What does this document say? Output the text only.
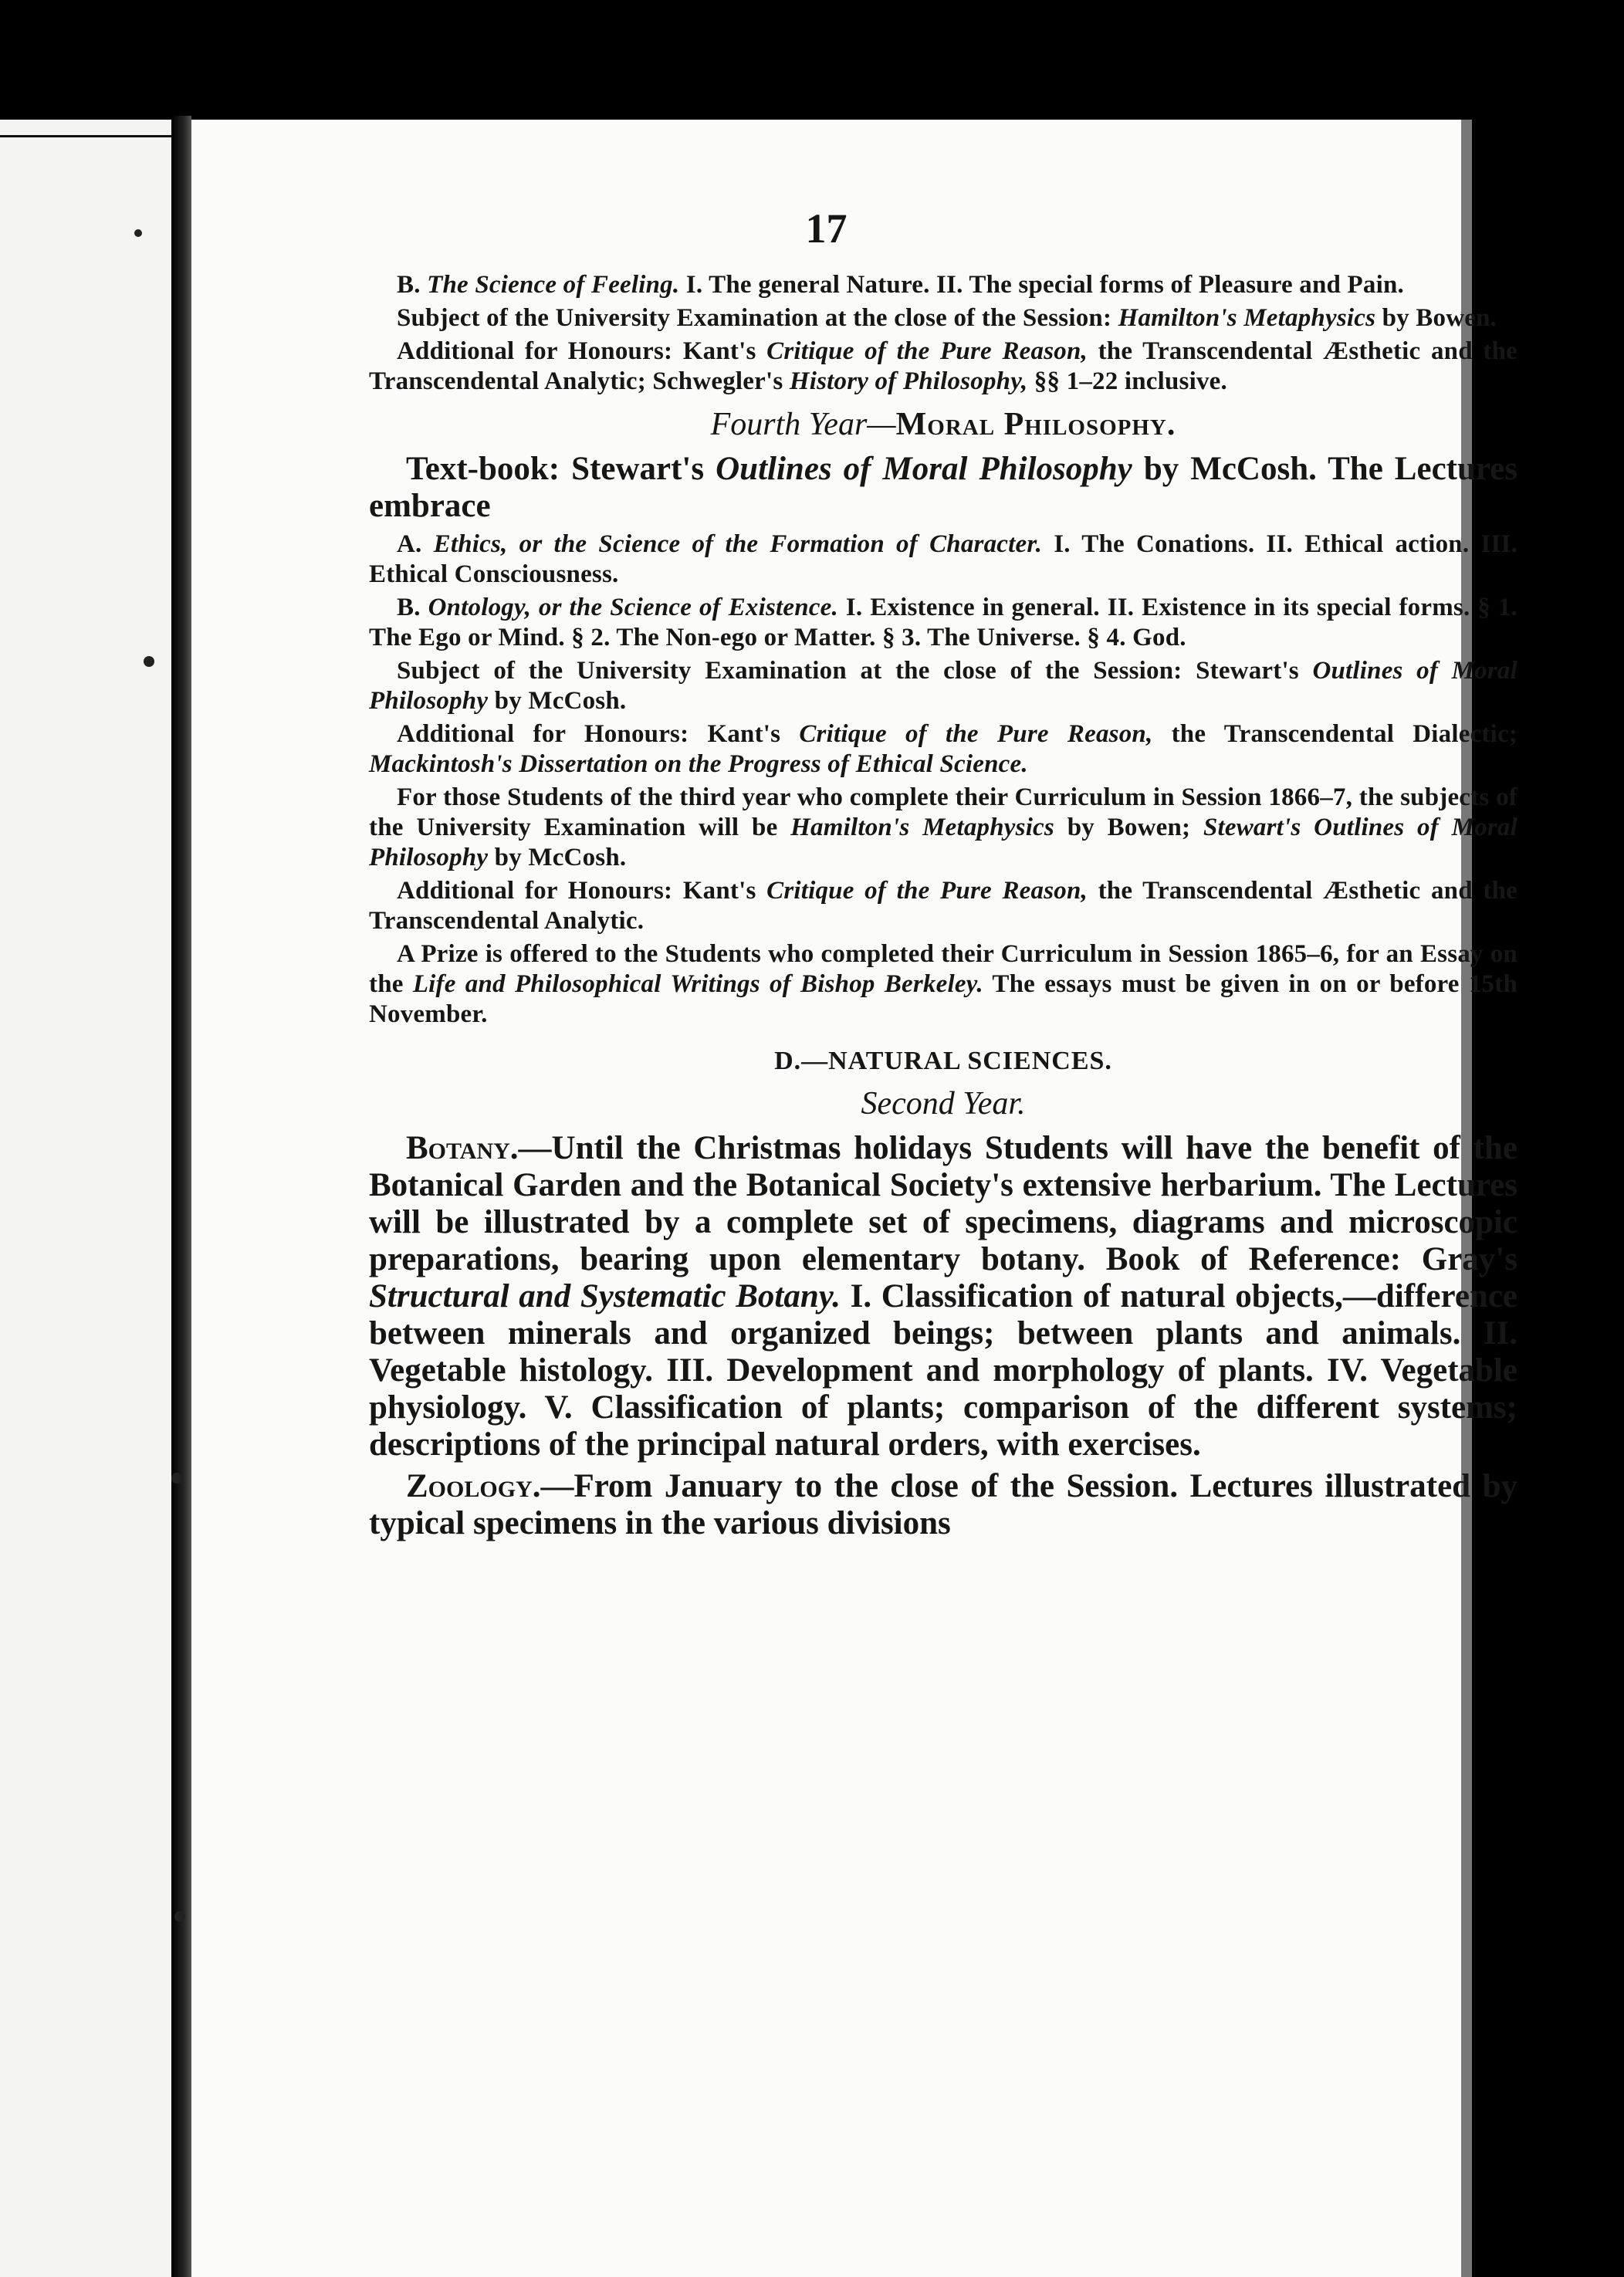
17

B. The Science of Feeling. I. The general Nature. II. The special forms of Pleasure and Pain.

Subject of the University Examination at the close of the Session: Hamilton's Metaphysics by Bowen.

Additional for Honours: Kant's Critique of the Pure Reason, the Transcendental Æsthetic and the Transcendental Analytic; Schwegler's History of Philosophy, §§ 1–22 inclusive.

Fourth Year—Moral Philosophy.

Text-book: Stewart's Outlines of Moral Philosophy by McCosh. The Lectures embrace

A. Ethics, or the Science of the Formation of Character. I. The Conations. II. Ethical action. III. Ethical Consciousness.

B. Ontology, or the Science of Existence. I. Existence in general. II. Existence in its special forms. § 1. The Ego or Mind. § 2. The Non-ego or Matter. § 3. The Universe. § 4. God.

Subject of the University Examination at the close of the Session: Stewart's Outlines of Moral Philosophy by McCosh.

Additional for Honours: Kant's Critique of the Pure Reason, the Transcendental Dialectic; Mackintosh's Dissertation on the Progress of Ethical Science.

For those Students of the third year who complete their Curriculum in Session 1866–7, the subjects of the University Examination will be Hamilton's Metaphysics by Bowen; Stewart's Outlines of Moral Philosophy by McCosh.

Additional for Honours: Kant's Critique of the Pure Reason, the Transcendental Æsthetic and the Transcendental Analytic.

A Prize is offered to the Students who completed their Curriculum in Session 1865–6, for an Essay on the Life and Philosophical Writings of Bishop Berkeley. The essays must be given in on or before 15th November.

D.—NATURAL SCIENCES.
Second Year.

Botany.—Until the Christmas holidays Students will have the benefit of the Botanical Garden and the Botanical Society's extensive herbarium. The Lectures will be illustrated by a complete set of specimens, diagrams and microscopic preparations, bearing upon elementary botany. Book of Reference: Gray's Structural and Systematic Botany. I. Classification of natural objects,—difference between minerals and organized beings; between plants and animals. II. Vegetable histology. III. Development and morphology of plants. IV. Vegetable physiology. V. Classification of plants; comparison of the different systems; descriptions of the principal natural orders, with exercises.

Zoology.—From January to the close of the Session. Lectures illustrated by typical specimens in the various divisions
